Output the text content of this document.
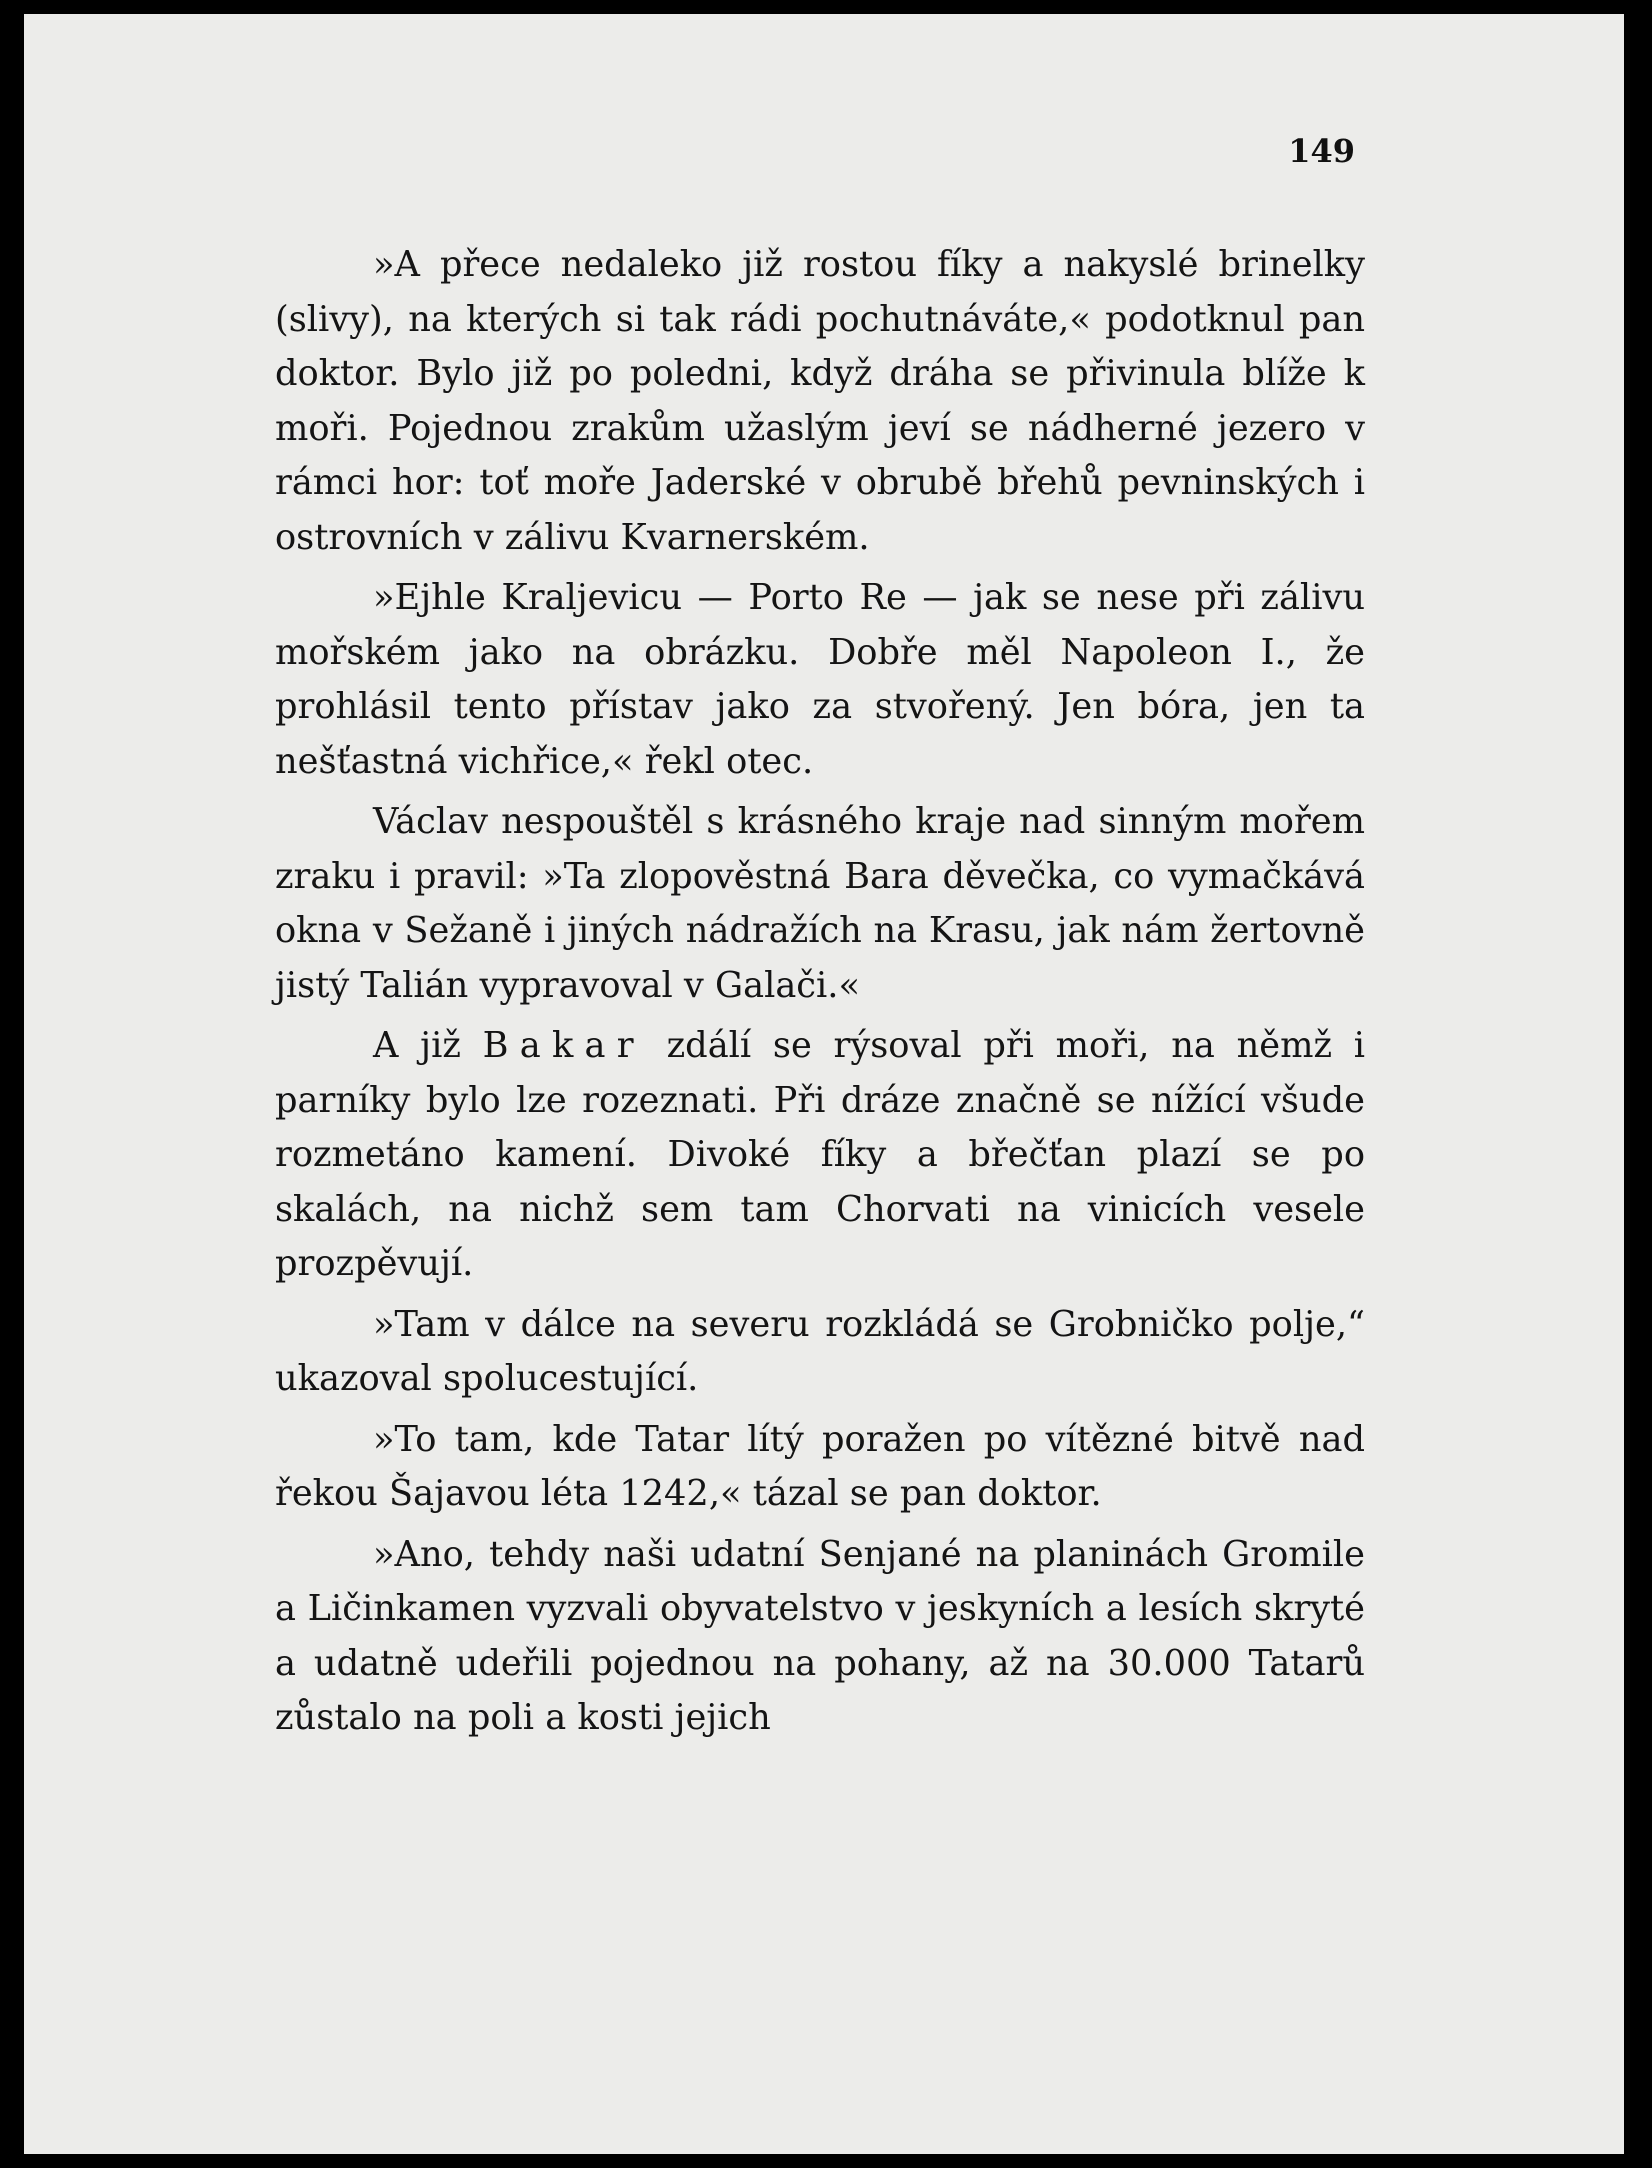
149

»A přece nedaleko již rostou fíky a nakyslé brinelky (slivy), na kterých si tak rádi pochutnáváte,« podotknul pan doktor. Bylo již po poledni, když dráha se přivinula blíže k moři. Pojednou zrakům užaslým jeví se nádherné jezero v rámci hor: toť moře Jaderské v obrubě břehů pevninských i ostrovních v zálivu Kvarnerském.

»Ejhle Kraljevicu — Porto Re — jak se nese při zálivu mořském jako na obrázku. Dobře měl Napoleon I., že prohlásil tento přístav jako za stvořený. Jen bóra, jen ta nešťastná vichřice,« řekl otec.

Václav nespouštěl s krásného kraje nad sinným mořem zraku i pravil: »Ta zlopověstná Bara děvečka, co vymačkává okna v Sežaně i jiných nádražích na Krasu, jak nám žertovně jistý Talián vypravoval v Galači.«

A již Bakar zdálí se rýsoval při moři, na němž i parníky bylo lze rozeznati. Při dráze značně se nížící všude rozmetáno kamení. Divoké fíky a břečťan plazí se po skalách, na nichž sem tam Chorvati na vinicích vesele prozpěvují.

»Tam v dálce na severu rozkládá se Grobničko polje,“ ukazoval spolucestující.

»To tam, kde Tatar lítý poražen po vítězné bitvě nad řekou Šajavou léta 1242,« tázal se pan doktor.

»Ano, tehdy naši udatní Senjané na planinách Gromile a Ličinkamen vyzvali obyvatelstvo v jeskyních a lesích skryté a udatně udeřili pojednou na pohany, až na 30.000 Tatarů zůstalo na poli a kosti jejich
